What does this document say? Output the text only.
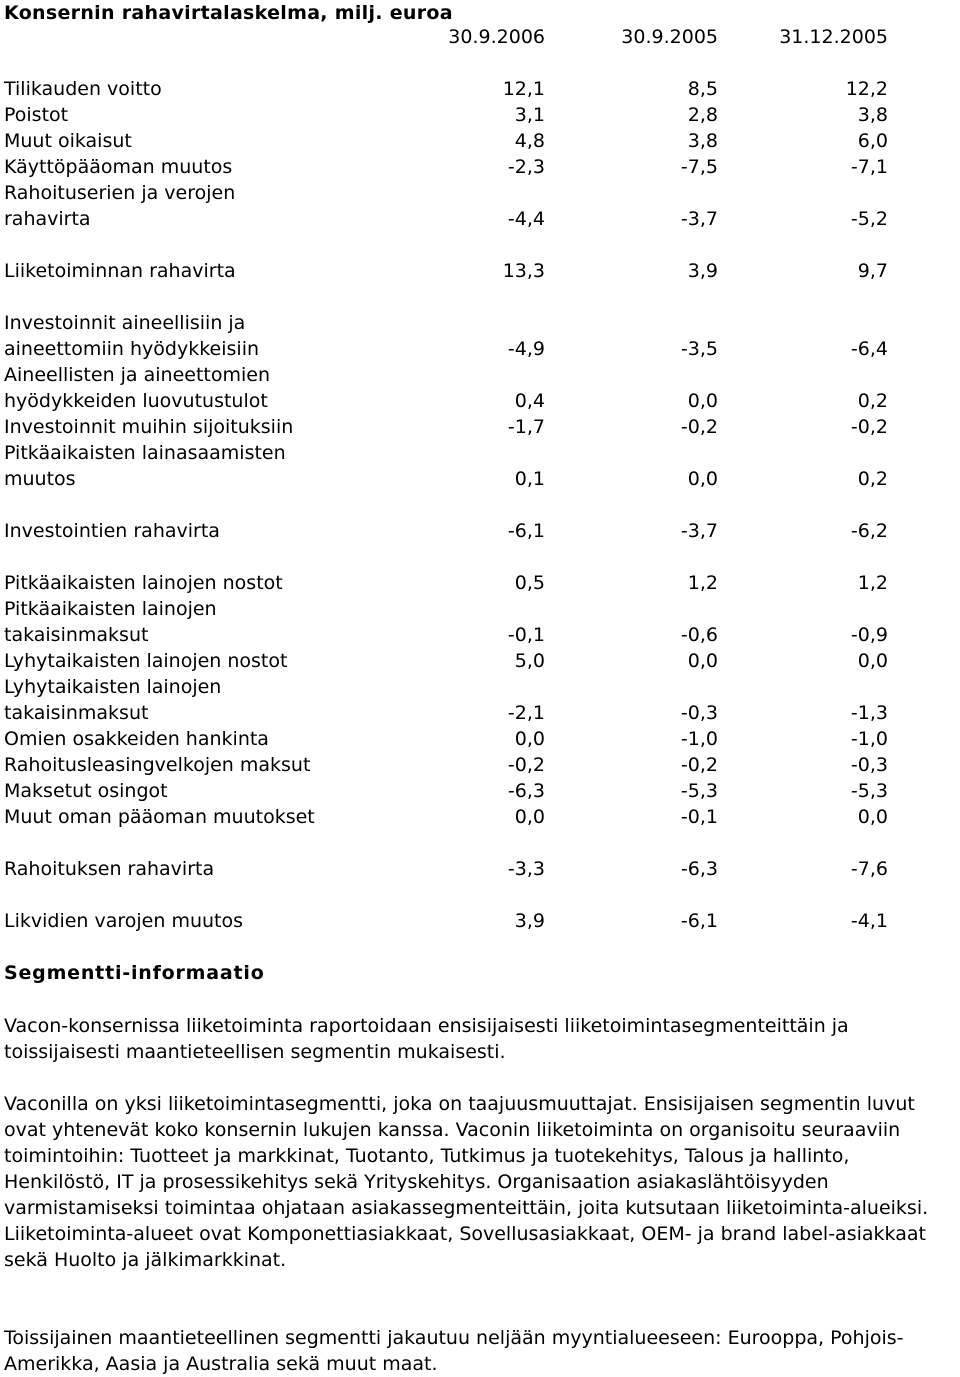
Konsernin rahavirtalaskelma, milj. euroa
30.9.2006	30.9.2005	31.12.2005
Tilikauden voitto	12,1	8,5	12,2
Poistot	3,1	2,8	3,8
Muut oikaisut	4,8	3,8	6,0
Käyttöpääoman muutos	-2,3	-7,5	-7,1
Rahoituserien ja verojen
rahavirta	-4,4	-3,7	-5,2
Liiketoiminnan rahavirta	13,3	3,9	9,7
Investoinnit aineellisiin ja
aineettomiin hyödykkeisiin	-4,9	-3,5	-6,4
Aineellisten ja aineettomien
hyödykkeiden luovutustulot	0,4	0,0	0,2
Investoinnit muihin sijoituksiin	-1,7	-0,2	-0,2
Pitkäaikaisten lainasaamisten
muutos	0,1	0,0	0,2
Investointien rahavirta	-6,1	-3,7	-6,2
Pitkäaikaisten lainojen nostot	0,5	1,2	1,2
Pitkäaikaisten lainojen
takaisinmaksut	-0,1	-0,6	-0,9
Lyhytaikaisten lainojen nostot	5,0	0,0	0,0
Lyhytaikaisten lainojen
takaisinmaksut	-2,1	-0,3	-1,3
Omien osakkeiden hankinta	0,0	-1,0	-1,0
Rahoitusleasingvelkojen maksut	-0,2	-0,2	-0,3
Maksetut osingot	-6,3	-5,3	-5,3
Muut oman pääoman muutokset	0,0	-0,1	0,0
Rahoituksen rahavirta	-3,3	-6,3	-7,6
Likvidien varojen muutos	3,9	-6,1	-4,1
Segmentti-informaatio
Vacon-konsernissa liiketoiminta raportoidaan ensisijaisesti liiketoimintasegmenteittäin ja toissijaisesti maantieteellisen segmentin mukaisesti.
Vaconilla on yksi liiketoimintasegmentti, joka on taajuusmuuttajat. Ensisijaisen segmentin luvut ovat yhtenevät koko konsernin lukujen kanssa. Vaconin liiketoiminta on organisoitu seuraaviin toimintoihin: Tuotteet ja markkinat, Tuotanto, Tutkimus ja tuotekehitys, Talous ja hallinto, Henkilöstö, IT ja prosessikehitys sekä Yrityskehitys. Organisaation asiakaslähtöisyyden varmistamiseksi toimintaa ohjataan asiakassegmenteittäin, joita kutsutaan liiketoiminta-alueiksi. Liiketoiminta-alueet ovat Komponettiasiakkaat, Sovellusasiakkaat, OEM- ja brand label-asiakkaat sekä Huolto ja jälkimarkkinat.
Toissijainen maantieteellinen segmentti jakautuu neljään myyntialueeseen: Eurooppa, Pohjois-Amerikka, Aasia ja Australia sekä muut maat.
